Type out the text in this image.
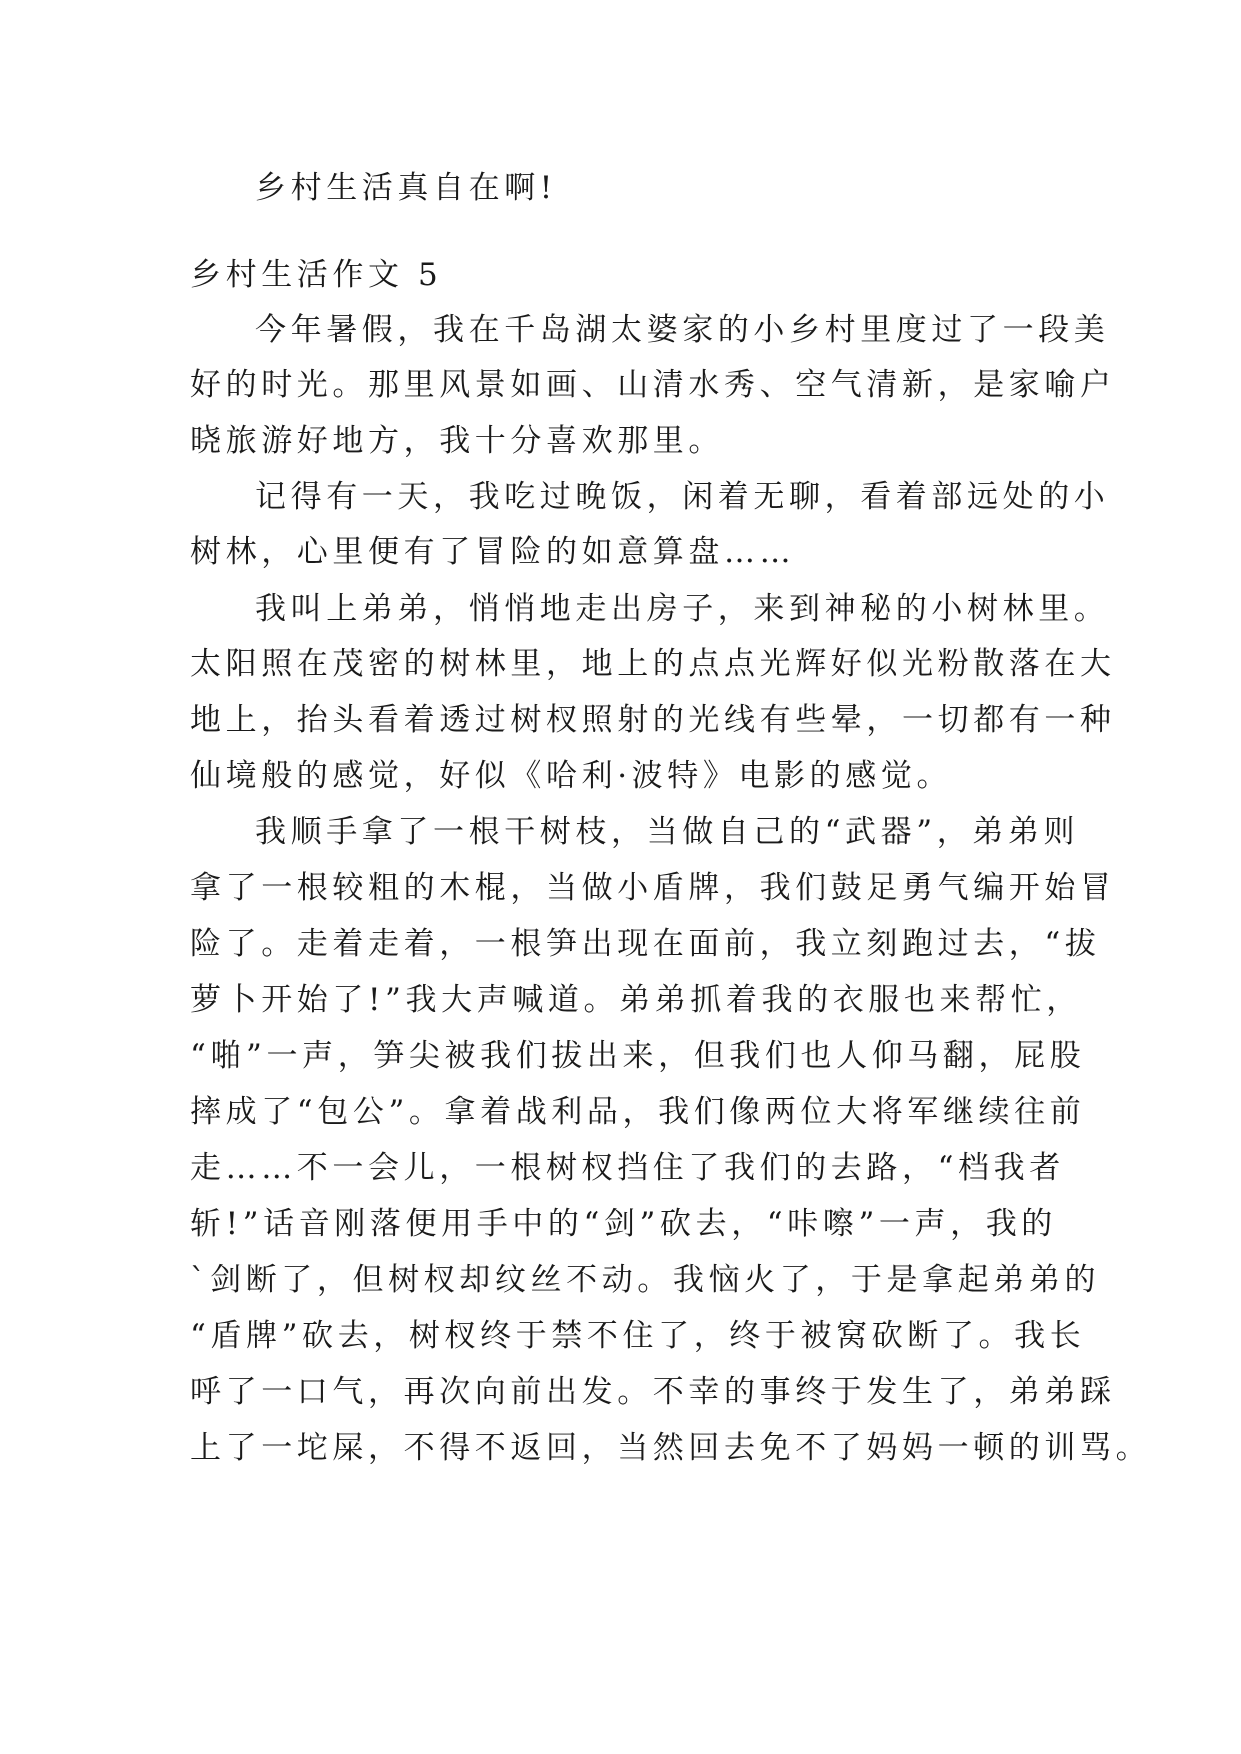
乡村生活真自在啊!
乡村生活作文 5
今年暑假，我在千岛湖太婆家的小乡村里度过了一段美
好的时光。那里风景如画、山清水秀、空气清新，是家喻户
晓旅游好地方，我十分喜欢那里。
记得有一天，我吃过晚饭，闲着无聊，看着部远处的小
树林，心里便有了冒险的如意算盘……
我叫上弟弟，悄悄地走出房子，来到神秘的小树林里。
太阳照在茂密的树林里，地上的点点光辉好似光粉散落在大
地上，抬头看着透过树杈照射的光线有些晕，一切都有一种
仙境般的感觉，好似《哈利·波特》电影的感觉。
我顺手拿了一根干树枝，当做自己的“武器”，弟弟则
拿了一根较粗的木棍，当做小盾牌，我们鼓足勇气编开始冒
险了。走着走着，一根笋出现在面前，我立刻跑过去，“拔
萝卜开始了!”我大声喊道。弟弟抓着我的衣服也来帮忙，
“啪”一声，笋尖被我们拔出来，但我们也人仰马翻，屁股
摔成了“包公”。拿着战利品，我们像两位大将军继续往前
走……不一会儿，一根树杈挡住了我们的去路，“档我者
斩!”话音刚落便用手中的“剑”砍去，“咔嚓”一声，我的
`剑断了，但树杈却纹丝不动。我恼火了，于是拿起弟弟的
“盾牌”砍去，树杈终于禁不住了，终于被窝砍断了。我长
呼了一口气，再次向前出发。不幸的事终于发生了，弟弟踩
上了一坨屎，不得不返回，当然回去免不了妈妈一顿的训骂。
